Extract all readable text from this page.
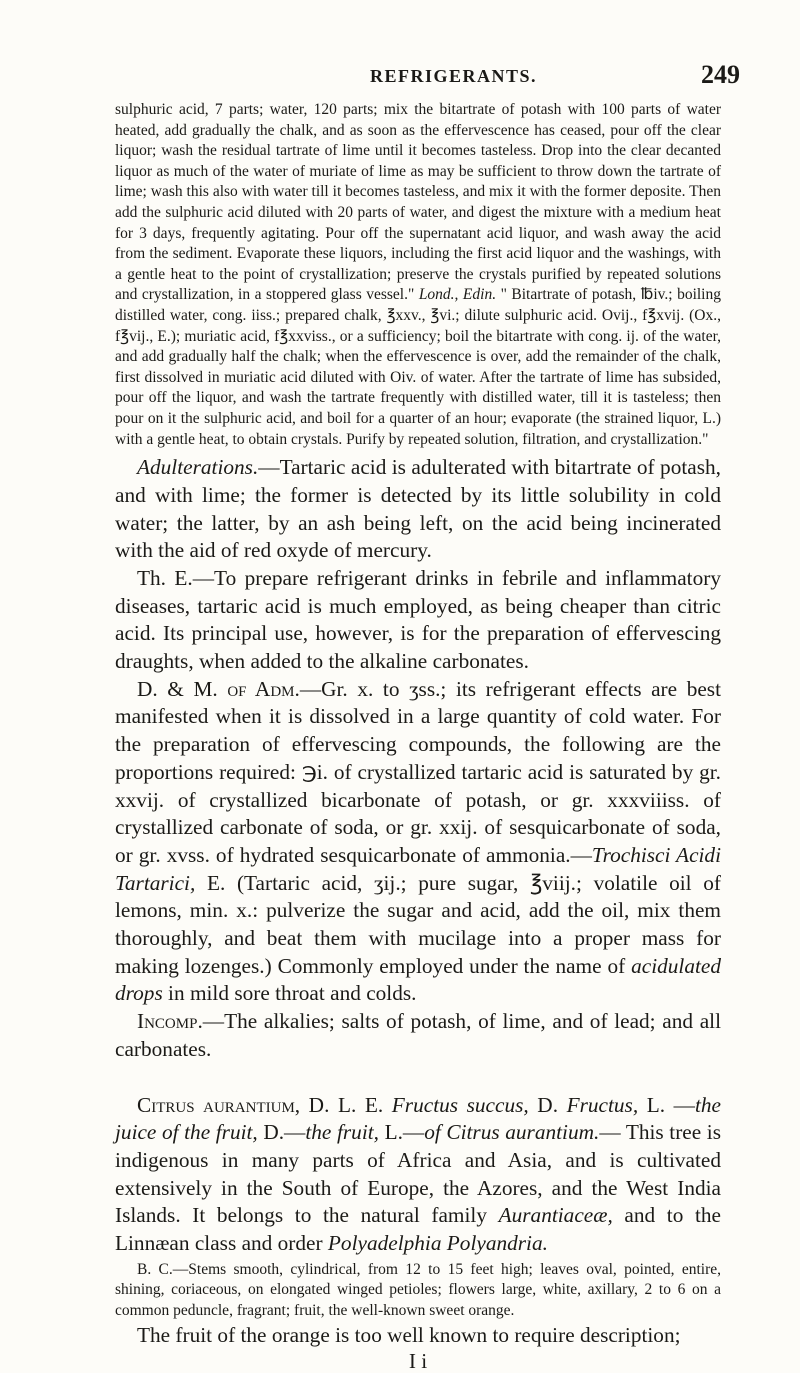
REFRIGERANTS.	249

sulphuric acid, 7 parts; water, 120 parts; mix the bitartrate of potash with 100 parts of water heated, add gradually the chalk, and as soon as the effervescence has ceased, pour off the clear liquor; wash the residual tartrate of lime until it becomes tasteless. Drop into the clear decanted liquor as much of the water of muriate of lime as may be sufficient to throw down the tartrate of lime; wash this also with water till it becomes tasteless, and mix it with the former deposite. Then add the sulphuric acid diluted with 20 parts of water, and digest the mixture with a medium heat for 3 days, frequently agitating. Pour off the supernatant acid liquor, and wash away the acid from the sediment. Evaporate these liquors, including the first acid liquor and the washings, with a gentle heat to the point of crystallization; preserve the crystals purified by repeated solutions and crystallization, in a stoppered glass vessel." Lond., Edin. " Bitartrate of potash, ℔iv.; boiling distilled water, cong. iiss.; prepared chalk, ℥xxv., ℥vi.; dilute sulphuric acid. Ovij., f℥xvij. (Ox., f℥vij., E.); muriatic acid, f℥xxviss., or a sufficiency; boil the bitartrate with cong. ij. of the water, and add gradually half the chalk; when the effervescence is over, add the remainder of the chalk, first dissolved in muriatic acid diluted with Oiv. of water. After the tartrate of lime has subsided, pour off the liquor, and wash the tartrate frequently with distilled water, till it is tasteless; then pour on it the sulphuric acid, and boil for a quarter of an hour; evaporate (the strained liquor, L.) with a gentle heat, to obtain crystals. Purify by repeated solution, filtration, and crystallization."

Adulterations.—Tartaric acid is adulterated with bitartrate of potash, and with lime; the former is detected by its little solubility in cold water; the latter, by an ash being left, on the acid being incinerated with the aid of red oxyde of mercury.

Th. E.—To prepare refrigerant drinks in febrile and inflammatory diseases, tartaric acid is much employed, as being cheaper than citric acid. Its principal use, however, is for the preparation of effervescing draughts, when added to the alkaline carbonates.

D. & M. of Adm.—Gr. x. to ʒss.; its refrigerant effects are best manifested when it is dissolved in a large quantity of cold water. For the preparation of effervescing compounds, the following are the proportions required: ℈i. of crystallized tartaric acid is saturated by gr. xxvij. of crystallized bicarbonate of potash, or gr. xxxviiiss. of crystallized carbonate of soda, or gr. xxij. of sesquicarbonate of soda, or gr. xvss. of hydrated sesquicarbonate of ammonia.—Trochisci Acidi Tartarici, E. (Tartaric acid, ʒij.; pure sugar, ℥viij.; volatile oil of lemons, min. x.: pulverize the sugar and acid, add the oil, mix them thoroughly, and beat them with mucilage into a proper mass for making lozenges.) Commonly employed under the name of acidulated drops in mild sore throat and colds.

Incomp.—The alkalies; salts of potash, of lime, and of lead; and all carbonates.

Citrus aurantium, D. L. E. Fructus succus, D. Fructus, L. —the juice of the fruit, D.—the fruit, L.—of Citrus aurantium.— This tree is indigenous in many parts of Africa and Asia, and is cultivated extensively in the South of Europe, the Azores, and the West India Islands. It belongs to the natural family Aurantiaceæ, and to the Linnæan class and order Polyadelphia Polyandria.

B. C.—Stems smooth, cylindrical, from 12 to 15 feet high; leaves oval, pointed, entire, shining, coriaceous, on elongated winged petioles; flowers large, white, axillary, 2 to 6 on a common peduncle, fragrant; fruit, the well-known sweet orange.

The fruit of the orange is too well known to require description;

I i
